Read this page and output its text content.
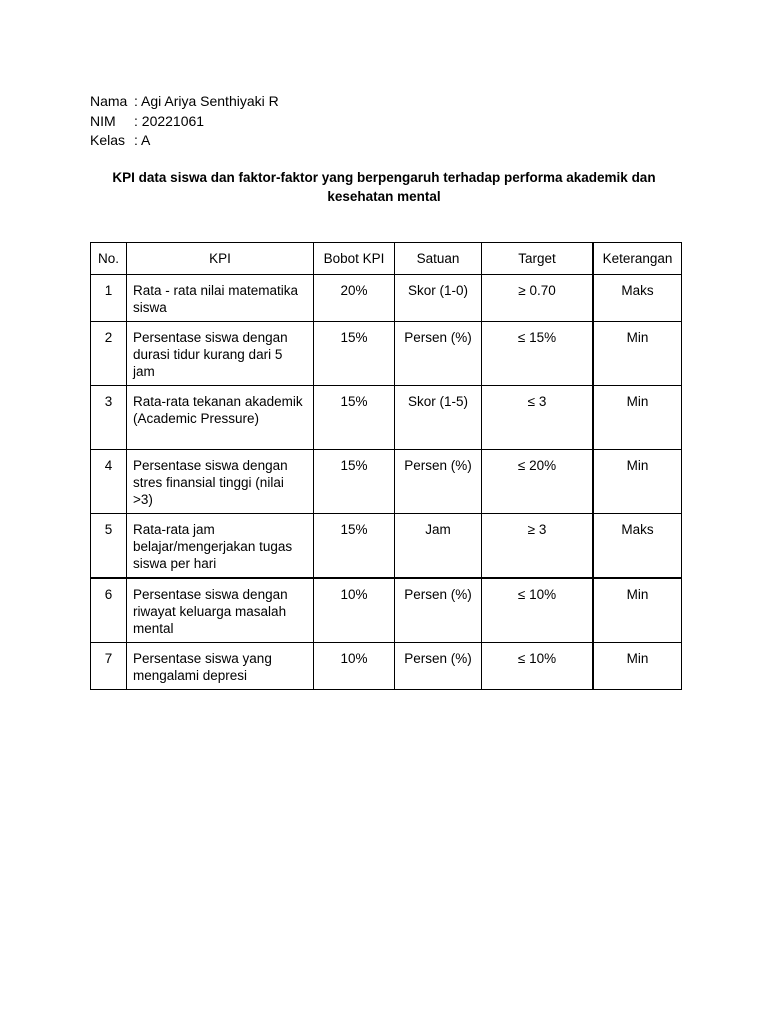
Nama : Agi Ariya Senthiyaki R
NIM	: 20221061
Kelas : A
KPI data siswa dan faktor-faktor yang berpengaruh terhadap performa akademik dan kesehatan mental
No.	KPI	Bobot KPI	Satuan	Target	Keterangan
1	Rata - rata nilai matematika siswa	20%	Skor (1-0)	≥ 0.70	Maks
2	Persentase siswa dengan durasi tidur kurang dari 5 jam	15%	Persen (%)	≤ 15%	Min
3	Rata-rata tekanan akademik (Academic Pressure)	15%	Skor (1-5)	≤ 3	Min
4	Persentase siswa dengan stres finansial tinggi (nilai >3)	15%	Persen (%)	≤ 20%	Min
5	Rata-rata jam belajar/mengerjakan tugas siswa per hari	15%	Jam	≥ 3	Maks
6	Persentase siswa dengan riwayat keluarga masalah mental	10%	Persen (%)	≤ 10%	Min
7	Persentase siswa yang mengalami depresi	10%	Persen (%)	≤ 10%	Min
